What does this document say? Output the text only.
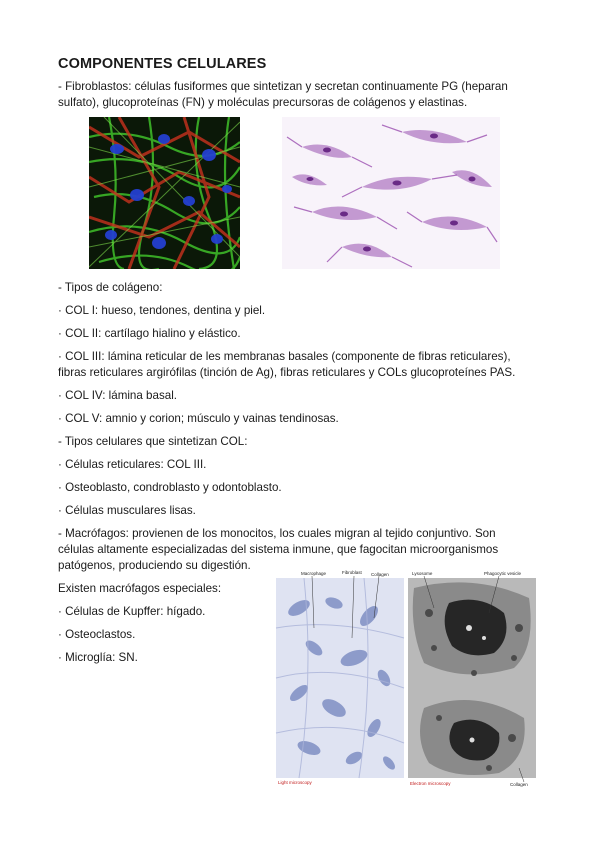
COMPONENTES CELULARES
- Fibroblastos: células fusiformes que sintetizan y secretan continuamente PG (heparan
sulfato), glucoproteínas (FN) y moléculas precursoras de colágenos y elastinas.
- Tipos de colágeno:
· COL I: hueso, tendones, dentina y piel.
· COL II: cartílago hialino y elástico.
· COL III: lámina reticular de les membranas basales (componente de fibras reticulares),
fibras reticulares argirófilas (tinción de Ag), fibras reticulares y COLs glucoproteínes PAS.
· COL IV: lámina basal.
· COL V: amnio y corion; músculo y vainas tendinosas.
- Tipos celulares que sintetizan COL:
· Células reticulares: COL III.
· Osteoblasto, condroblasto y odontoblasto.
· Células musculares lisas.
- Macrófagos: provienen de los monocitos, los cuales migran al tejido conjuntivo. Son
células altamente especializadas del sistema inmune, que fagocitan microorganismos
patógenos, produciendo su digestión.
Existen macrófagos especiales:
· Células de Kupffer: hígado.
· Osteoclastos.
· Microglía: SN.
Macrophage	Fibroblast Collagen	Lysosome	Phagocytic vesicle
Light microscopy	Electron microscopy	Collagen
